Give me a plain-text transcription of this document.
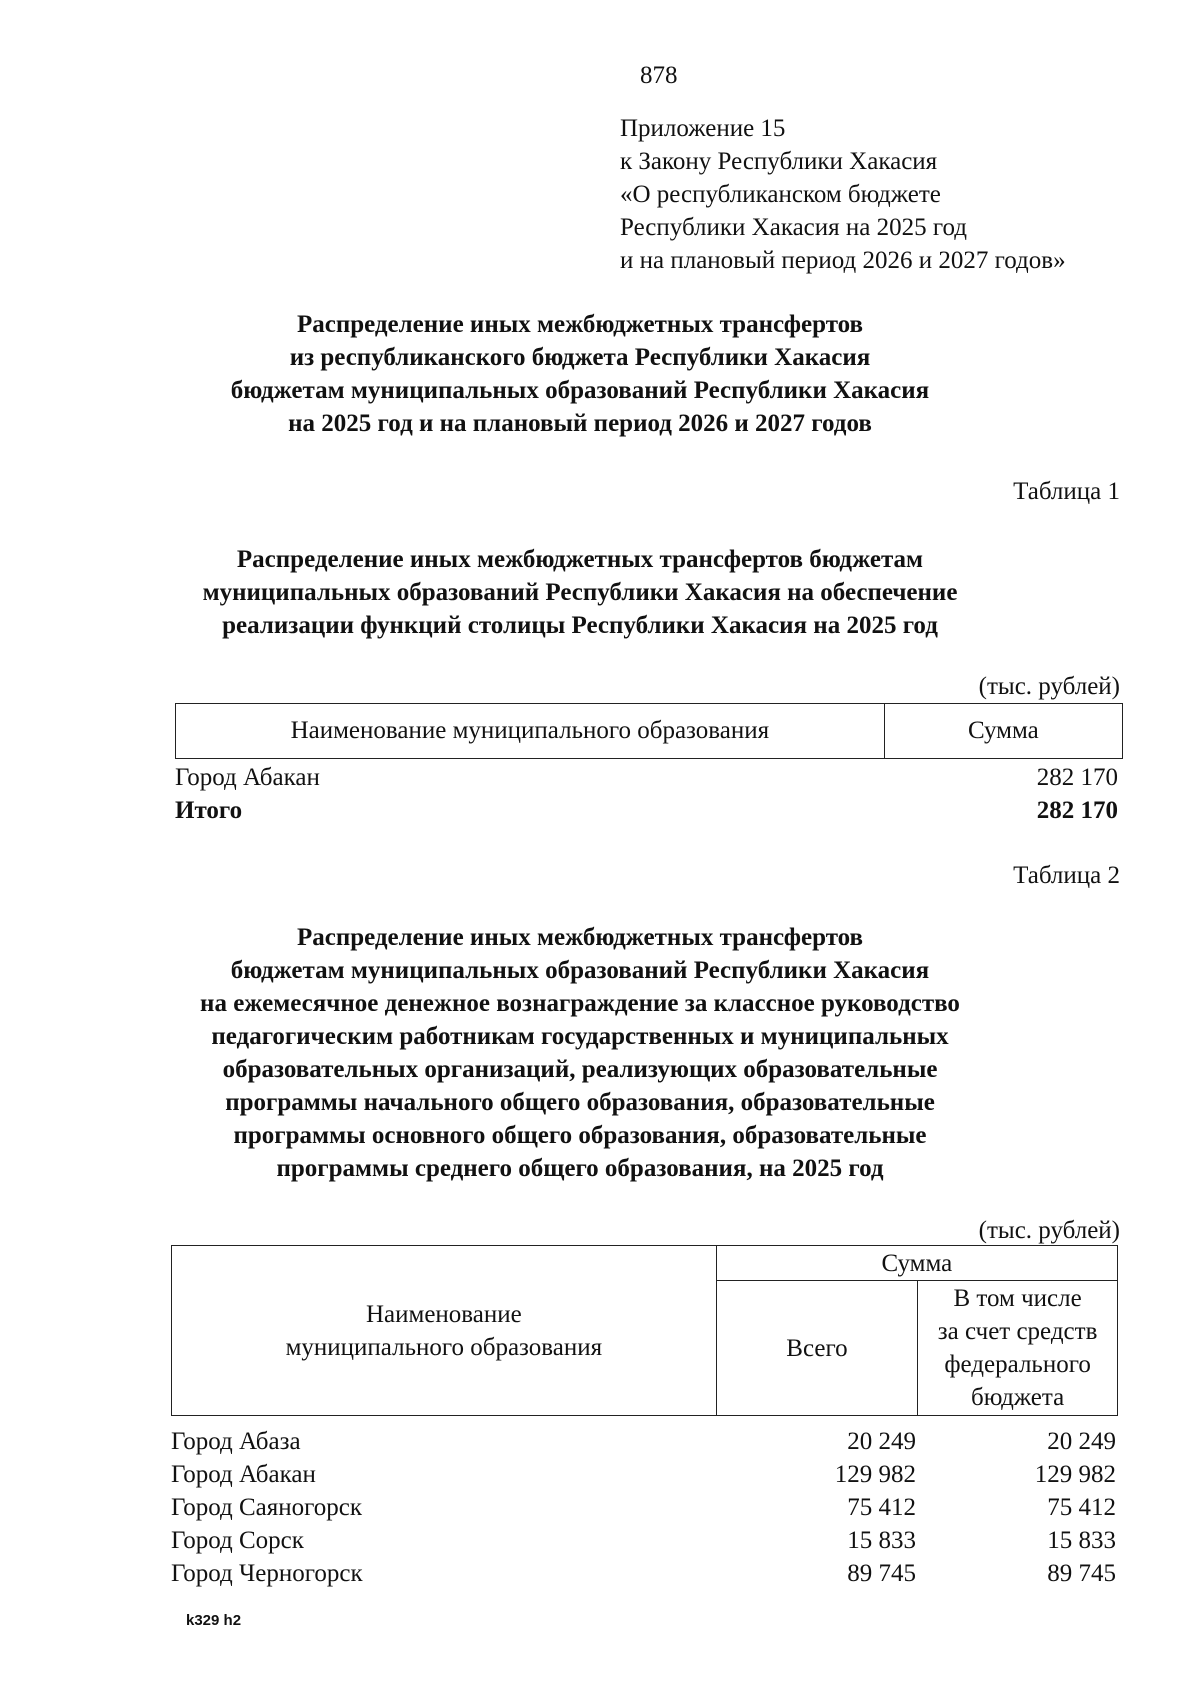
878
Приложение 15
к Закону Республики Хакасия
«О республиканском бюджете
Республики Хакасия на 2025 год
и на плановый период 2026 и 2027 годов»
Распределение иных межбюджетных трансфертов
из республиканского бюджета Республики Хакасия
бюджетам муниципальных образований Республики Хакасия
на 2025 год и на плановый период 2026 и 2027 годов
Таблица 1
Распределение иных межбюджетных трансфертов бюджетам
муниципальных образований Республики Хакасия на обеспечение
реализации функций столицы Республики Хакасия на 2025 год
(тыс. рублей)
Наименование муниципального образования	Сумма
Город Абакан	282 170
Итого	282 170
Таблица 2
Распределение иных межбюджетных трансфертов
бюджетам муниципальных образований Республики Хакасия
на ежемесячное денежное вознаграждение за классное руководство
педагогическим работникам государственных и муниципальных
образовательных организаций, реализующих образовательные
программы начального общего образования, образовательные
программы основного общего образования, образовательные
программы среднего общего образования, на 2025 год
(тыс. рублей)
Наименование
муниципального образования	Сумма	
	Всего	В том числе
за счет средств
федерального
бюджета
Город Абаза	20 249	20 249
Город Абакан	129 982	129 982
Город Саяногорск	75 412	75 412
Город Сорск	15 833	15 833
Город Черногорск	89 745	89 745
k329 h2
